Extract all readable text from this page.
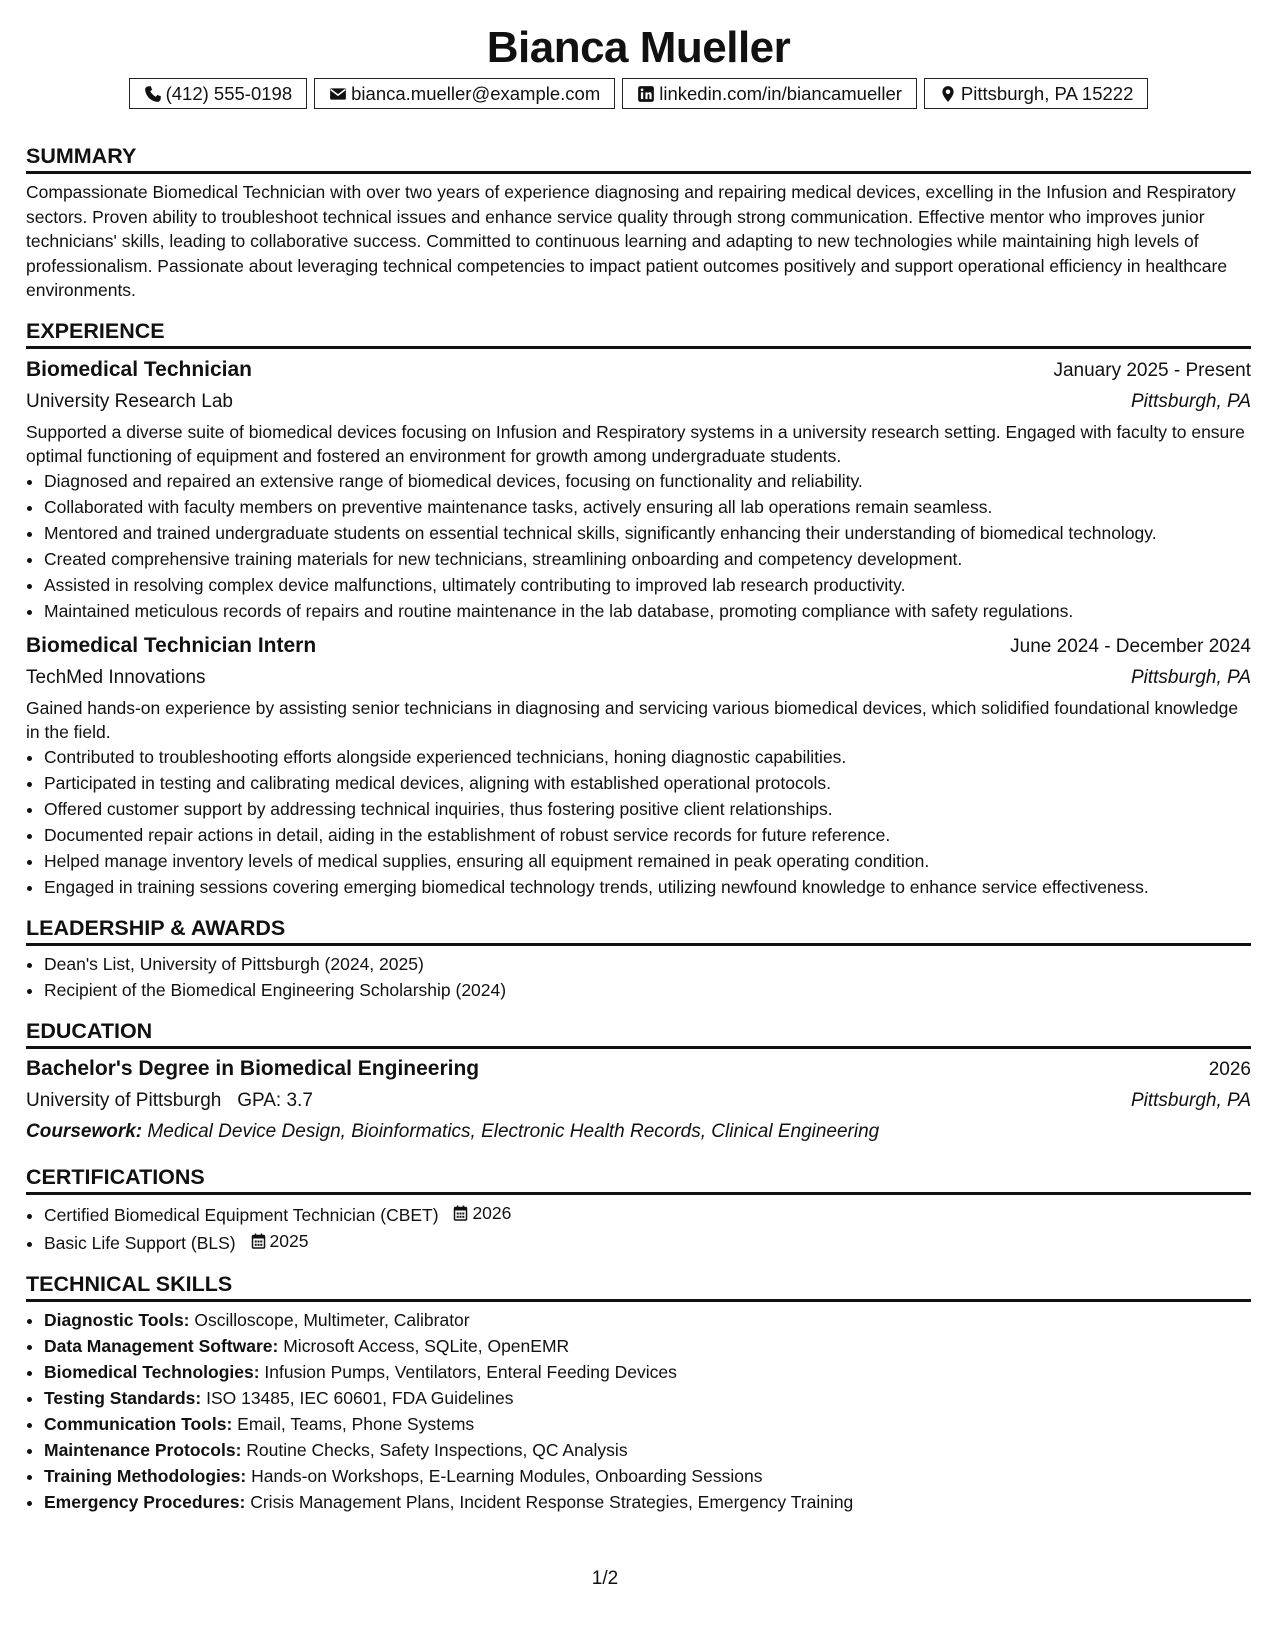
Bianca Mueller
(412) 555-0198	bianca.mueller@example.com	linkedin.com/in/biancamueller	Pittsburgh, PA 15222
SUMMARY

Compassionate Biomedical Technician with over two years of experience diagnosing and repairing medical devices, excelling in the Infusion and Respiratory sectors. Proven ability to troubleshoot technical issues and enhance service quality through strong communication. Effective mentor who improves junior technicians' skills, leading to collaborative success. Committed to continuous learning and adapting to new technologies while maintaining high levels of professionalism. Passionate about leveraging technical competencies to impact patient outcomes positively and support operational efficiency in healthcare environments.

EXPERIENCE
Biomedical Technician	January 2025 - Present
University Research Lab	Pittsburgh, PA
Supported a diverse suite of biomedical devices focusing on Infusion and Respiratory systems in a university research setting. Engaged with faculty to ensure optimal functioning of equipment and fostered an environment for growth among undergraduate students.
• Diagnosed and repaired an extensive range of biomedical devices, focusing on functionality and reliability.
• Collaborated with faculty members on preventive maintenance tasks, actively ensuring all lab operations remain seamless.
• Mentored and trained undergraduate students on essential technical skills, significantly enhancing their understanding of biomedical technology.
• Created comprehensive training materials for new technicians, streamlining onboarding and competency development.
• Assisted in resolving complex device malfunctions, ultimately contributing to improved lab research productivity.
• Maintained meticulous records of repairs and routine maintenance in the lab database, promoting compliance with safety regulations.
Biomedical Technician Intern	June 2024 - December 2024
TechMed Innovations	Pittsburgh, PA
Gained hands-on experience by assisting senior technicians in diagnosing and servicing various biomedical devices, which solidified foundational knowledge in the field.
• Contributed to troubleshooting efforts alongside experienced technicians, honing diagnostic capabilities.
• Participated in testing and calibrating medical devices, aligning with established operational protocols.
• Offered customer support by addressing technical inquiries, thus fostering positive client relationships.
• Documented repair actions in detail, aiding in the establishment of robust service records for future reference.
• Helped manage inventory levels of medical supplies, ensuring all equipment remained in peak operating condition.
• Engaged in training sessions covering emerging biomedical technology trends, utilizing newfound knowledge to enhance service effectiveness.
LEADERSHIP & AWARDS
• Dean's List, University of Pittsburgh (2024, 2025)
• Recipient of the Biomedical Engineering Scholarship (2024)
EDUCATION
Bachelor's Degree in Biomedical Engineering	2026
University of Pittsburgh GPA: 3.7	Pittsburgh, PA
Coursework: Medical Device Design, Bioinformatics, Electronic Health Records, Clinical Engineering
CERTIFICATIONS
• Certified Biomedical Equipment Technician (CBET) 2026
• Basic Life Support (BLS) 2025
TECHNICAL SKILLS
• Diagnostic Tools: Oscilloscope, Multimeter, Calibrator
• Data Management Software: Microsoft Access, SQLite, OpenEMR
• Biomedical Technologies: Infusion Pumps, Ventilators, Enteral Feeding Devices
• Testing Standards: ISO 13485, IEC 60601, FDA Guidelines
• Communication Tools: Email, Teams, Phone Systems
• Maintenance Protocols: Routine Checks, Safety Inspections, QC Analysis
• Training Methodologies: Hands-on Workshops, E-Learning Modules, Onboarding Sessions
• Emergency Procedures: Crisis Management Plans, Incident Response Strategies, Emergency Training
1/2
